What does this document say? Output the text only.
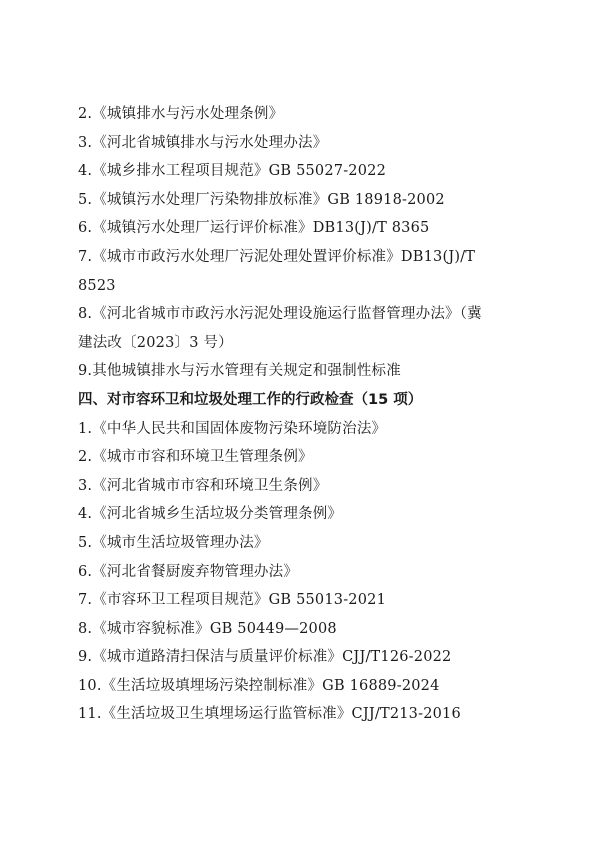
2.《城镇排水与污水处理条例》
3.《河北省城镇排水与污水处理办法》
4.《城乡排水工程项目规范》GB 55027-2022
5.《城镇污水处理厂污染物排放标准》GB 18918-2002
6.《城镇污水处理厂运行评价标准》DB13(J)/T 8365
7.《城市市政污水处理厂污泥处理处置评价标准》DB13(J)/T
8523
8.《河北省城市市政污水污泥处理设施运行监督管理办法》（冀
建法改〔2023〕3 号）
9.其他城镇排水与污水管理有关规定和强制性标准
四、对市容环卫和垃圾处理工作的行政检查（15 项）
1.《中华人民共和国固体废物污染环境防治法》
2.《城市市容和环境卫生管理条例》
3.《河北省城市市容和环境卫生条例》
4.《河北省城乡生活垃圾分类管理条例》
5.《城市生活垃圾管理办法》
6.《河北省餐厨废弃物管理办法》
7.《市容环卫工程项目规范》GB 55013-2021
8.《城市容貌标准》GB 50449—2008
9.《城市道路清扫保洁与质量评价标准》CJJ/T126-2022
10.《生活垃圾填埋场污染控制标准》GB 16889-2024
11.《生活垃圾卫生填埋场运行监管标准》CJJ/T213-2016
